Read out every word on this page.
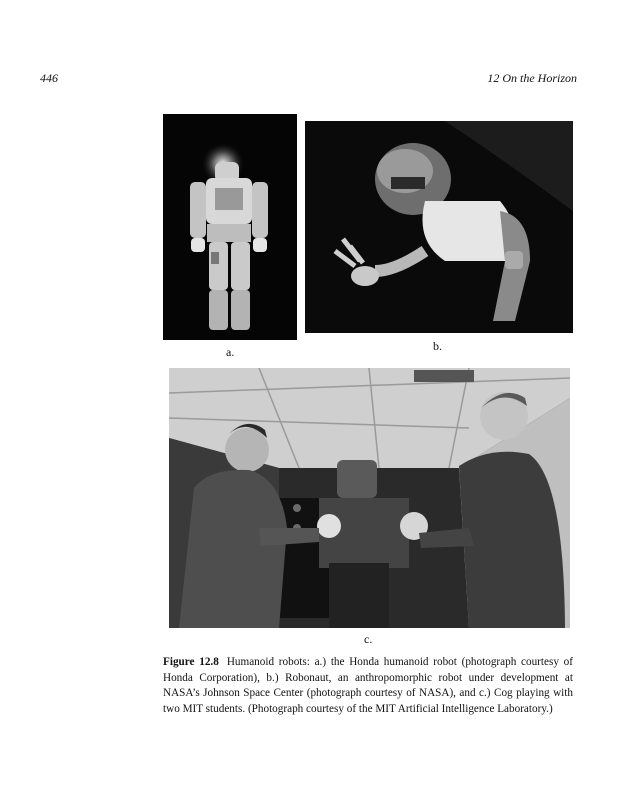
446	12 On the Horizon
a.	b.
c.
Figure 12.8 Humanoid robots: a.) the Honda humanoid robot (photograph courtesy of Honda Corporation), b.) Robonaut, an anthropomorphic robot under development at NASA’s Johnson Space Center (photograph courtesy of NASA), and c.) Cog playing with two MIT students. (Photograph courtesy of the MIT Artificial Intelligence Laboratory.)
